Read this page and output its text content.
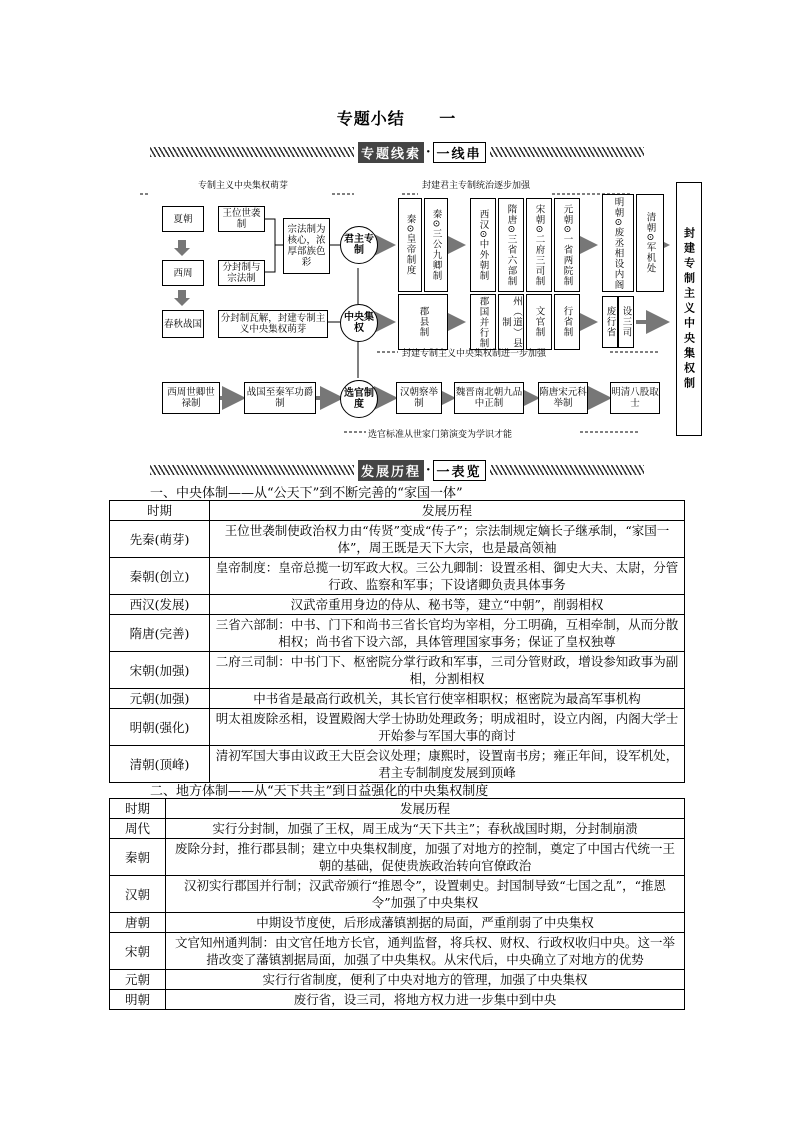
专题小结 一
专题线索 · 一线串
专制主义中央集权萌芽	封建君主专制统治逐步加强
夏朝
西周
春秋战国
王位世袭制
分封制与宗法制
宗法制为核心，浓厚部族色彩
分封制瓦解，封建专制主义中央集权萌芽
君主专制
中央集权
选官制度
秦⊙皇帝制度	秦⊙三公九卿制
郡县制
西汉⊙中外朝制	隋唐⊙三省六部制	宋朝⊙二府三司制	元朝⊙一省两院制
郡国并行制	州（道）县制	文官制	行省制
明朝⊙废丞相设内阁	清朝⊙军机处
废行省 设三司	封建专制主义中央集权制
封建专制主义中央集权制进一步加强
西周世卿世禄制
战国至秦军功爵制
汉朝察举制
魏晋南北朝九品中正制
隋唐宋元科举制
明清八股取士
选官标准从世家门第演变为学识才能
发展历程 · 一表览
一、中央体制——从“公天下”到不断完善的“家国一体”
时期	发展历程
先秦(萌芽)	王位世袭制使政治权力由“传贤”变成“传子”；宗法制规定嫡长子继承制，“家国一体”，周王既是天下大宗，也是最高领袖
秦朝(创立)	皇帝制度：皇帝总揽一切军政大权。三公九卿制：设置丞相、御史大夫、太尉，分管行政、监察和军事；下设诸卿负责具体事务
西汉(发展)	汉武帝重用身边的侍从、秘书等，建立“中朝”，削弱相权
隋唐(完善)	三省六部制：中书、门下和尚书三省长官均为宰相，分工明确，互相牵制，从而分散相权；尚书省下设六部，具体管理国家事务；保证了皇权独尊
宋朝(加强)	二府三司制：中书门下、枢密院分掌行政和军事，三司分管财政，增设参知政事为副相，分割相权
元朝(加强)	中书省是最高行政机关，其长官行使宰相职权；枢密院为最高军事机构
明朝(强化)	明太祖废除丞相，设置殿阁大学士协助处理政务；明成祖时，设立内阁，内阁大学士开始参与军国大事的商讨
清朝(顶峰)	清初军国大事由议政王大臣会议处理；康熙时，设置南书房；雍正年间，设军机处，君主专制制度发展到顶峰
二、地方体制——从“天下共主”到日益强化的中央集权制度
时期	发展历程
周代	实行分封制，加强了王权，周王成为“天下共主”；春秋战国时期，分封制崩溃
秦朝	废除分封，推行郡县制；建立中央集权制度，加强了对地方的控制，奠定了中国古代统一王朝的基础，促使贵族政治转向官僚政治
汉朝	汉初实行郡国并行制；汉武帝颁行“推恩令”，设置刺史。封国制导致“七国之乱”，“推恩令”加强了中央集权
唐朝	中期设节度使，后形成藩镇割据的局面，严重削弱了中央集权
宋朝	文官知州通判制：由文官任地方长官，通判监督，将兵权、财权、行政权收归中央。这一举措改变了藩镇割据局面，加强了中央集权。从宋代后，中央确立了对地方的优势
元朝	实行行省制度，便利了中央对地方的管理，加强了中央集权
明朝	废行省，设三司，将地方权力进一步集中到中央
